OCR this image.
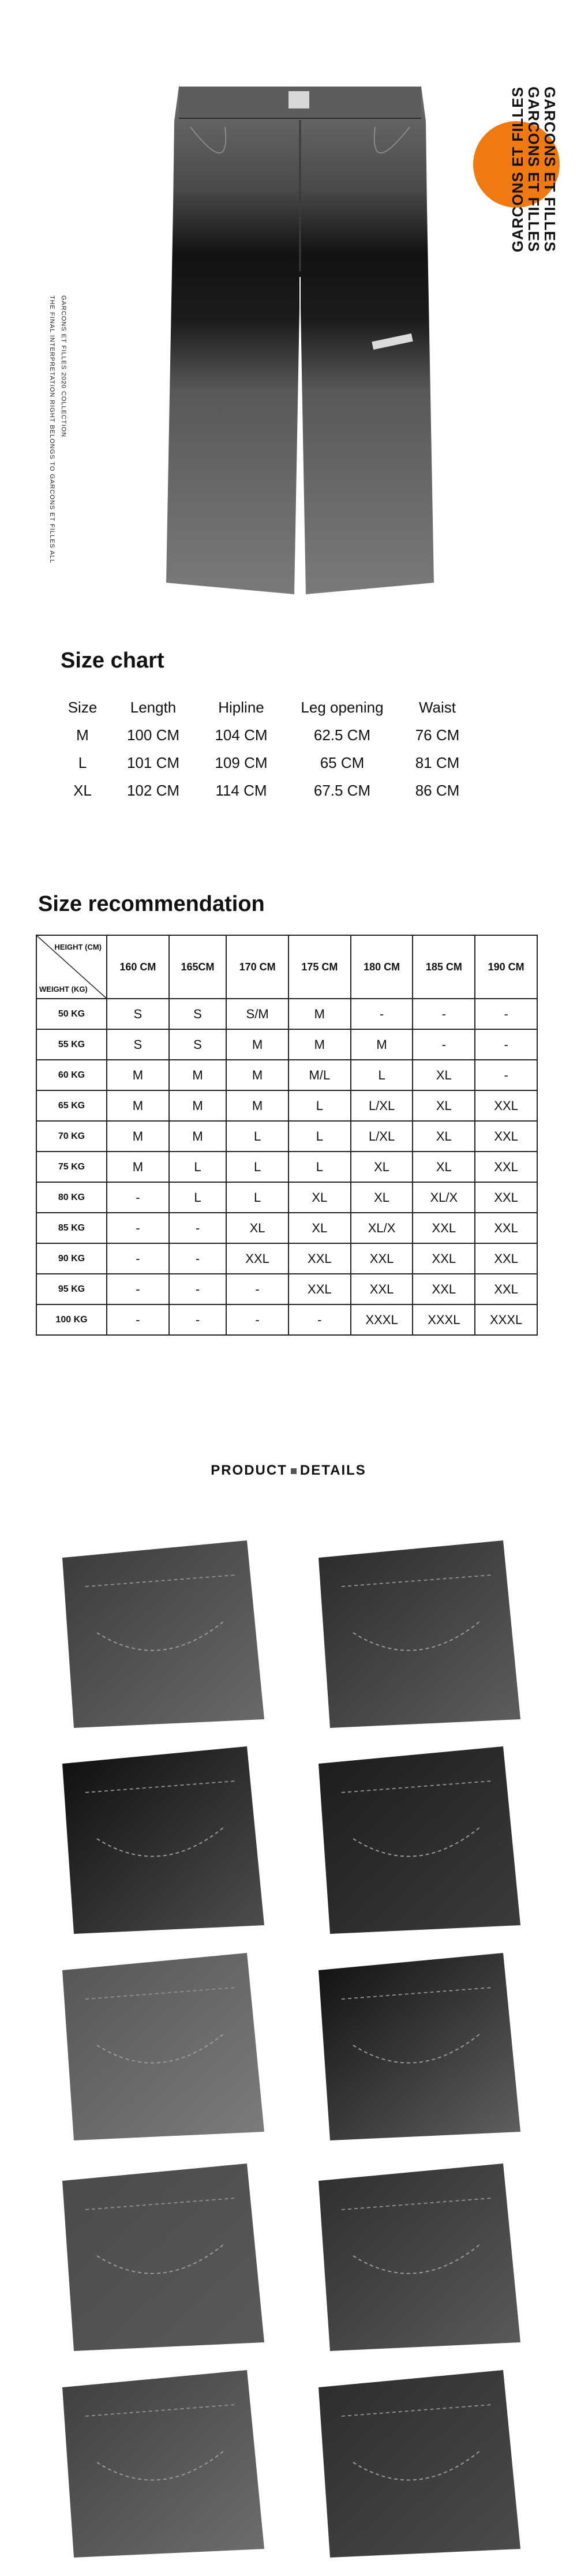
GARCONS ET FILLES
GARCONS ET FILLES
GARCONS ET FILLES
THE FINAL INTERPRETATION RIGHT BELONGS TO GARCONS ET FILLES ALL GARCONS ET FILLES 2020 COLLECTION
Size chart
Size	Length	Hipline	Leg opening	Waist
M	100 CM	104 CM	62.5 CM	76 CM
L	101 CM	109 CM	65 CM	81 CM
XL	102 CM	114 CM	67.5 CM	86 CM
Size recommendation
HEIGHT (CM)
WEIGHT (KG)	160 CM	165CM	170 CM	175 CM	180 CM	185 CM	190 CM
50 KG	S	S	S/M	M	-	-	-
55 KG	S	S	M	M	M	-	-
60 KG	M	M	M	M/L	L	XL	-
65 KG	M	M	M	L	L/XL	XL	XXL
70 KG	M	M	L	L	L/XL	XL	XXL
75 KG	M	L	L	L	XL	XL	XXL
80 KG	-	L	L	XL	XL	XL/X	XXL
85 KG	-	-	XL	XL	XL/X	XXL	XXL
90 KG	-	-	XXL	XXL	XXL	XXL	XXL
95 KG	-	-	-	XXL	XXL	XXL	XXL
100 KG	-	-	-	-	XXXL	XXXL	XXXL
PRODUCT DETAILS
